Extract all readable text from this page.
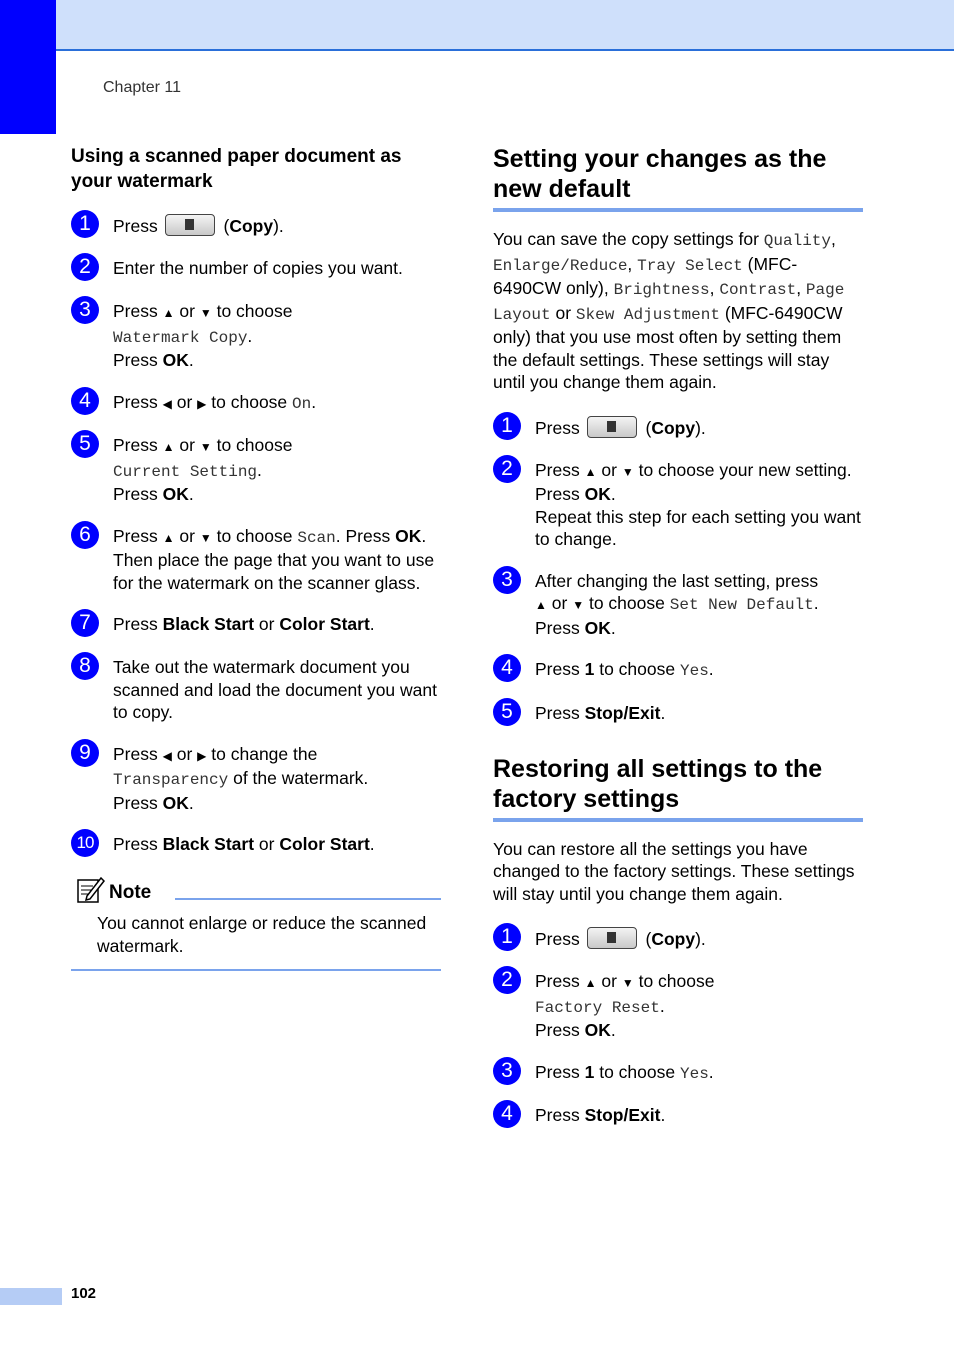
Chapter 11
Using a scanned paper document as your watermark
1	Press	(Copy).
2	Enter the number of copies you want.
3	Press ▲ or ▼ to choose
Watermark Copy.
Press OK.
4	Press ◀ or ▶ to choose On.
5	Press ▲ or ▼ to choose
Current Setting.
Press OK.
6	Press ▲ or ▼ to choose Scan. Press OK.
Then place the page that you want to use for the watermark on the scanner glass.
7	Press Black Start or Color Start.
8	Take out the watermark document you scanned and load the document you want to copy.
9	Press ◀ or ▶ to change the
Transparency of the watermark.
Press OK.
10	Press Black Start or Color Start.
Note
You cannot enlarge or reduce the scanned watermark.
Setting your changes as the new default

You can save the copy settings for Quality, Enlarge/Reduce, Tray Select (MFC-6490CW only), Brightness, Contrast, Page Layout or Skew Adjustment (MFC-6490CW only) that you use most often by setting them the default settings. These settings will stay until you change them again.

1	Press	(Copy).
2	Press ▲ or ▼ to choose your new setting.
Press OK.
Repeat this step for each setting you want to change.
3	After changing the last setting, press
▲ or ▼ to choose Set New Default.
Press OK.
4	Press 1 to choose Yes.
5	Press Stop/Exit.
Restoring all settings to the factory settings

You can restore all the settings you have changed to the factory settings. These settings will stay until you change them again.

1	Press	(Copy).
2	Press ▲ or ▼ to choose
Factory Reset.
Press OK.
3	Press 1 to choose Yes.
4	Press Stop/Exit.
102
